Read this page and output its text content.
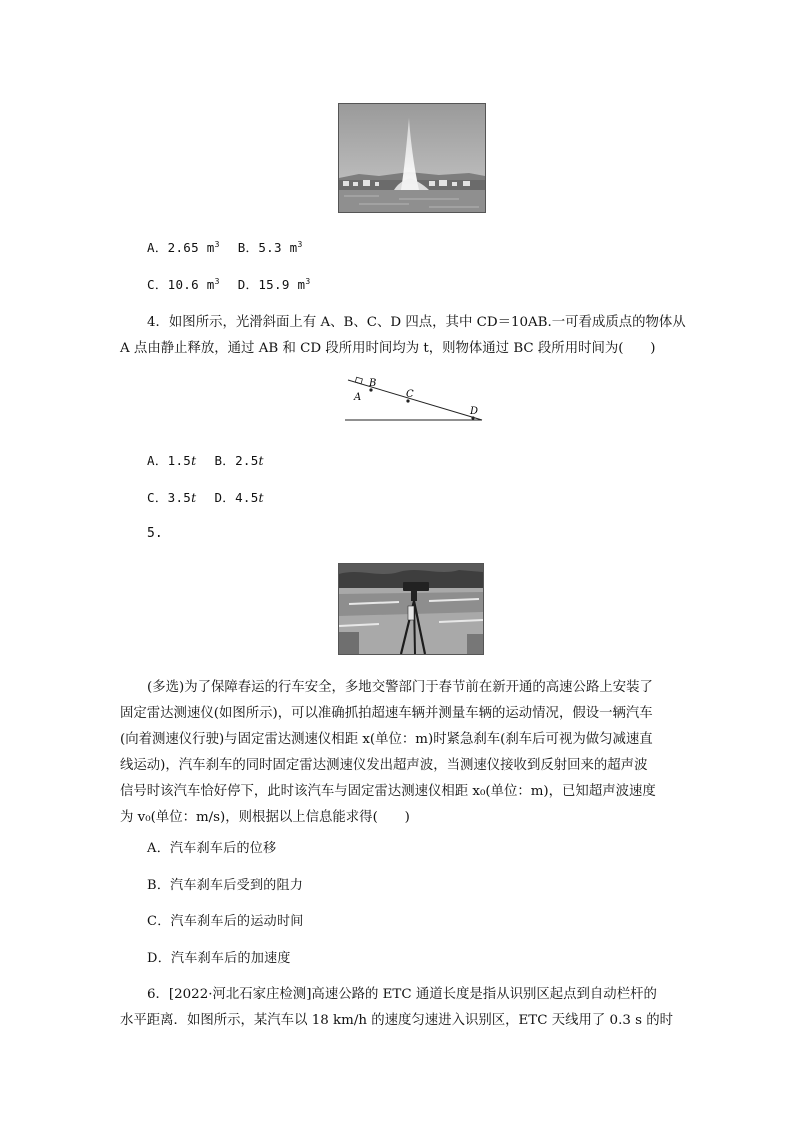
A．2.65 $m^3$ B．5.3 $m^3$
C．10.6 $m^3$ D．15.9 $m^3$
4．如图所示，光滑斜面上有 A、B、C、D 四点，其中 CD＝10AB.一可看成质点的物体从
A 点由静止释放，通过 AB 和 CD 段所用时间均为 t，则物体通过 BC 段所用时间为(　　)
A
B
C
D
A．1.5t B．2.5t
C．3.5t D．4.5t
5.
(多选)为了保障春运的行车安全，多地交警部门于春节前在新开通的高速公路上安装了
固定雷达测速仪(如图所示)，可以准确抓拍超速车辆并测量车辆的运动情况，假设一辆汽车
(向着测速仪行驶)与固定雷达测速仪相距 x(单位：m)时紧急刹车(刹车后可视为做匀减速直
线运动)，汽车刹车的同时固定雷达测速仪发出超声波，当测速仪接收到反射回来的超声波
信号时该汽车恰好停下，此时该汽车与固定雷达测速仪相距 x₀(单位：m)，已知超声波速度
为 v₀(单位：m/s)，则根据以上信息能求得(　　)
A．汽车刹车后的位移
B．汽车刹车后受到的阻力
C．汽车刹车后的运动时间
D．汽车刹车后的加速度
6．[2022·河北石家庄检测]高速公路的 ETC 通道长度是指从识别区起点到自动栏杆的
水平距离．如图所示，某汽车以 18 km/h 的速度匀速进入识别区，ETC 天线用了 0.3 s 的时
